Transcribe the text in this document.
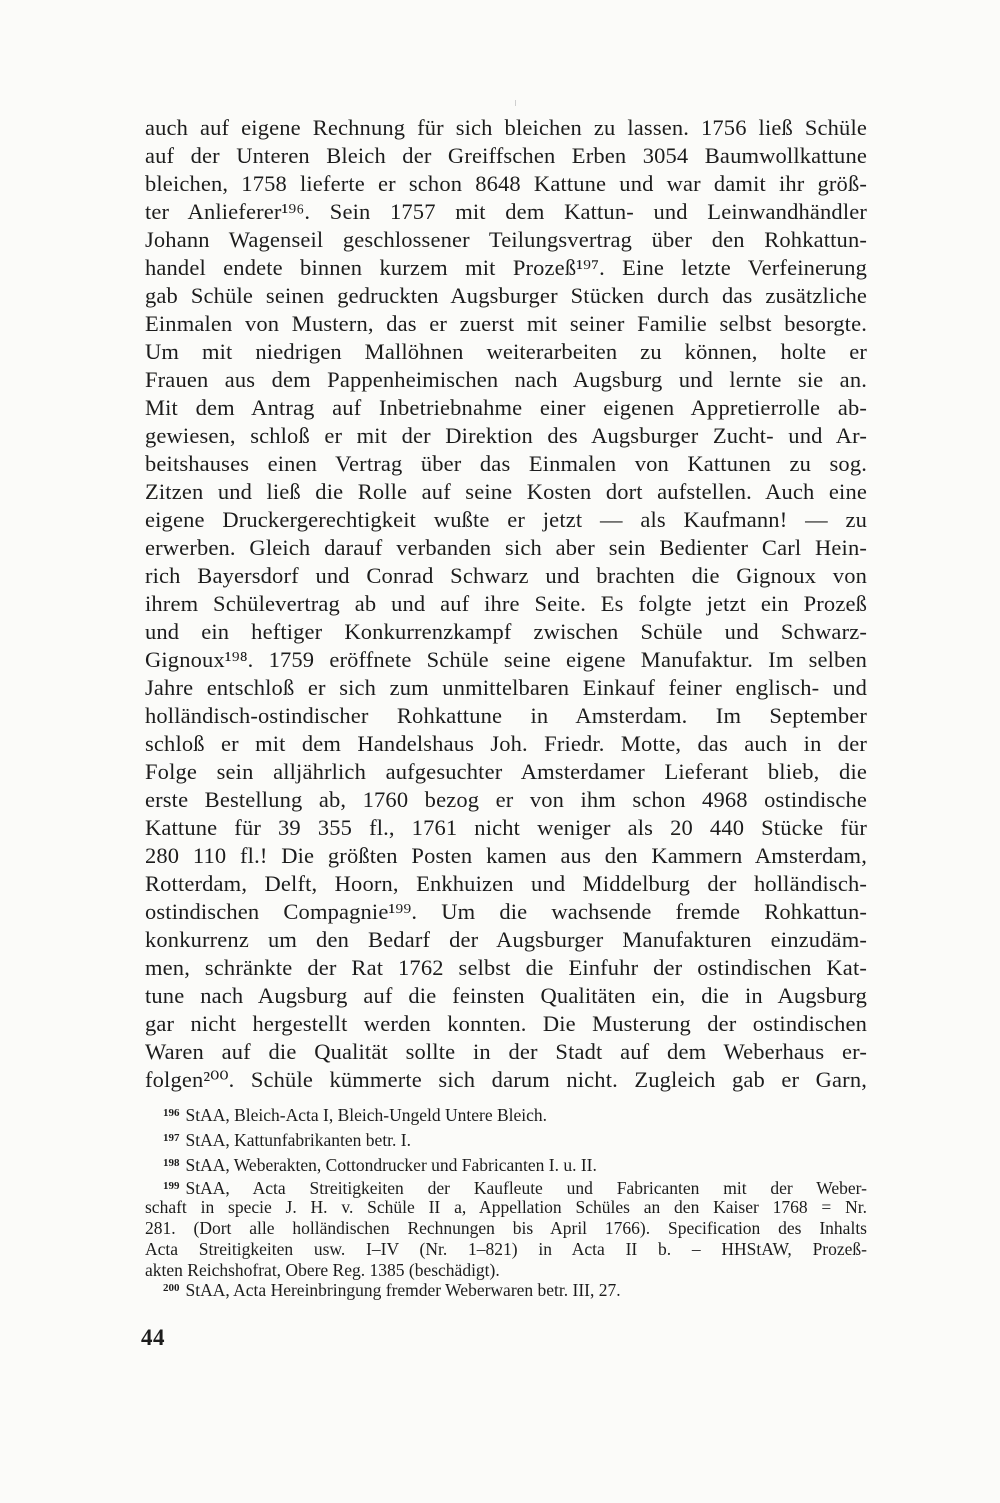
auch auf eigene Rechnung für sich bleichen zu lassen. 1756 ließ Schüle
auf der Unteren Bleich der Greiffschen Erben 3054 Baumwollkattune
bleichen, 1758 lieferte er schon 8648 Kattune und war damit ihr größ-
ter Anlieferer¹⁹⁶. Sein 1757 mit dem Kattun- und Leinwandhändler
Johann Wagenseil geschlossener Teilungsvertrag über den Rohkattun-
handel endete binnen kurzem mit Prozeß¹⁹⁷. Eine letzte Verfeinerung
gab Schüle seinen gedruckten Augsburger Stücken durch das zusätzliche
Einmalen von Mustern, das er zuerst mit seiner Familie selbst besorgte.
Um mit niedrigen Mallöhnen weiterarbeiten zu können, holte er
Frauen aus dem Pappenheimischen nach Augsburg und lernte sie an.
Mit dem Antrag auf Inbetriebnahme einer eigenen Appretierrolle ab-
gewiesen, schloß er mit der Direktion des Augsburger Zucht- und Ar-
beitshauses einen Vertrag über das Einmalen von Kattunen zu sog.
Zitzen und ließ die Rolle auf seine Kosten dort aufstellen. Auch eine
eigene Druckergerechtigkeit wußte er jetzt — als Kaufmann! — zu
erwerben. Gleich darauf verbanden sich aber sein Bedienter Carl Hein-
rich Bayersdorf und Conrad Schwarz und brachten die Gignoux von
ihrem Schülevertrag ab und auf ihre Seite. Es folgte jetzt ein Prozeß
und ein heftiger Konkurrenzkampf zwischen Schüle und Schwarz-
Gignoux¹⁹⁸. 1759 eröffnete Schüle seine eigene Manufaktur. Im selben
Jahre entschloß er sich zum unmittelbaren Einkauf feiner englisch- und
holländisch-ostindischer Rohkattune in Amsterdam. Im September
schloß er mit dem Handelshaus Joh. Friedr. Motte, das auch in der
Folge sein alljährlich aufgesuchter Amsterdamer Lieferant blieb, die
erste Bestellung ab, 1760 bezog er von ihm schon 4968 ostindische
Kattune für 39 355 fl., 1761 nicht weniger als 20 440 Stücke für
280 110 fl.! Die größten Posten kamen aus den Kammern Amsterdam,
Rotterdam, Delft, Hoorn, Enkhuizen und Middelburg der holländisch-
ostindischen Compagnie¹⁹⁹. Um die wachsende fremde Rohkattun-
konkurrenz um den Bedarf der Augsburger Manufakturen einzudäm-
men, schränkte der Rat 1762 selbst die Einfuhr der ostindischen Kat-
tune nach Augsburg auf die feinsten Qualitäten ein, die in Augsburg
gar nicht hergestellt werden konnten. Die Musterung der ostindischen
Waren auf die Qualität sollte in der Stadt auf dem Weberhaus er-
folgen²⁰⁰. Schüle kümmerte sich darum nicht. Zugleich gab er Garn,
196 StAA, Bleich-Acta I, Bleich-Ungeld Untere Bleich.
197 StAA, Kattunfabrikanten betr. I.
198 StAA, Weberakten, Cottondrucker und Fabricanten I. u. II.
199 StAA, Acta Streitigkeiten der Kaufleute und Fabricanten mit der Weber-
schaft in specie J. H. v. Schüle II a, Appellation Schüles an den Kaiser 1768 = Nr.
281. (Dort alle holländischen Rechnungen bis April 1766). Specification des Inhalts
Acta Streitigkeiten usw. I–IV (Nr. 1–821) in Acta II b. – HHStAW, Prozeß-
akten Reichshofrat, Obere Reg. 1385 (beschädigt).
200 StAA, Acta Hereinbringung fremder Weberwaren betr. III, 27.
44
